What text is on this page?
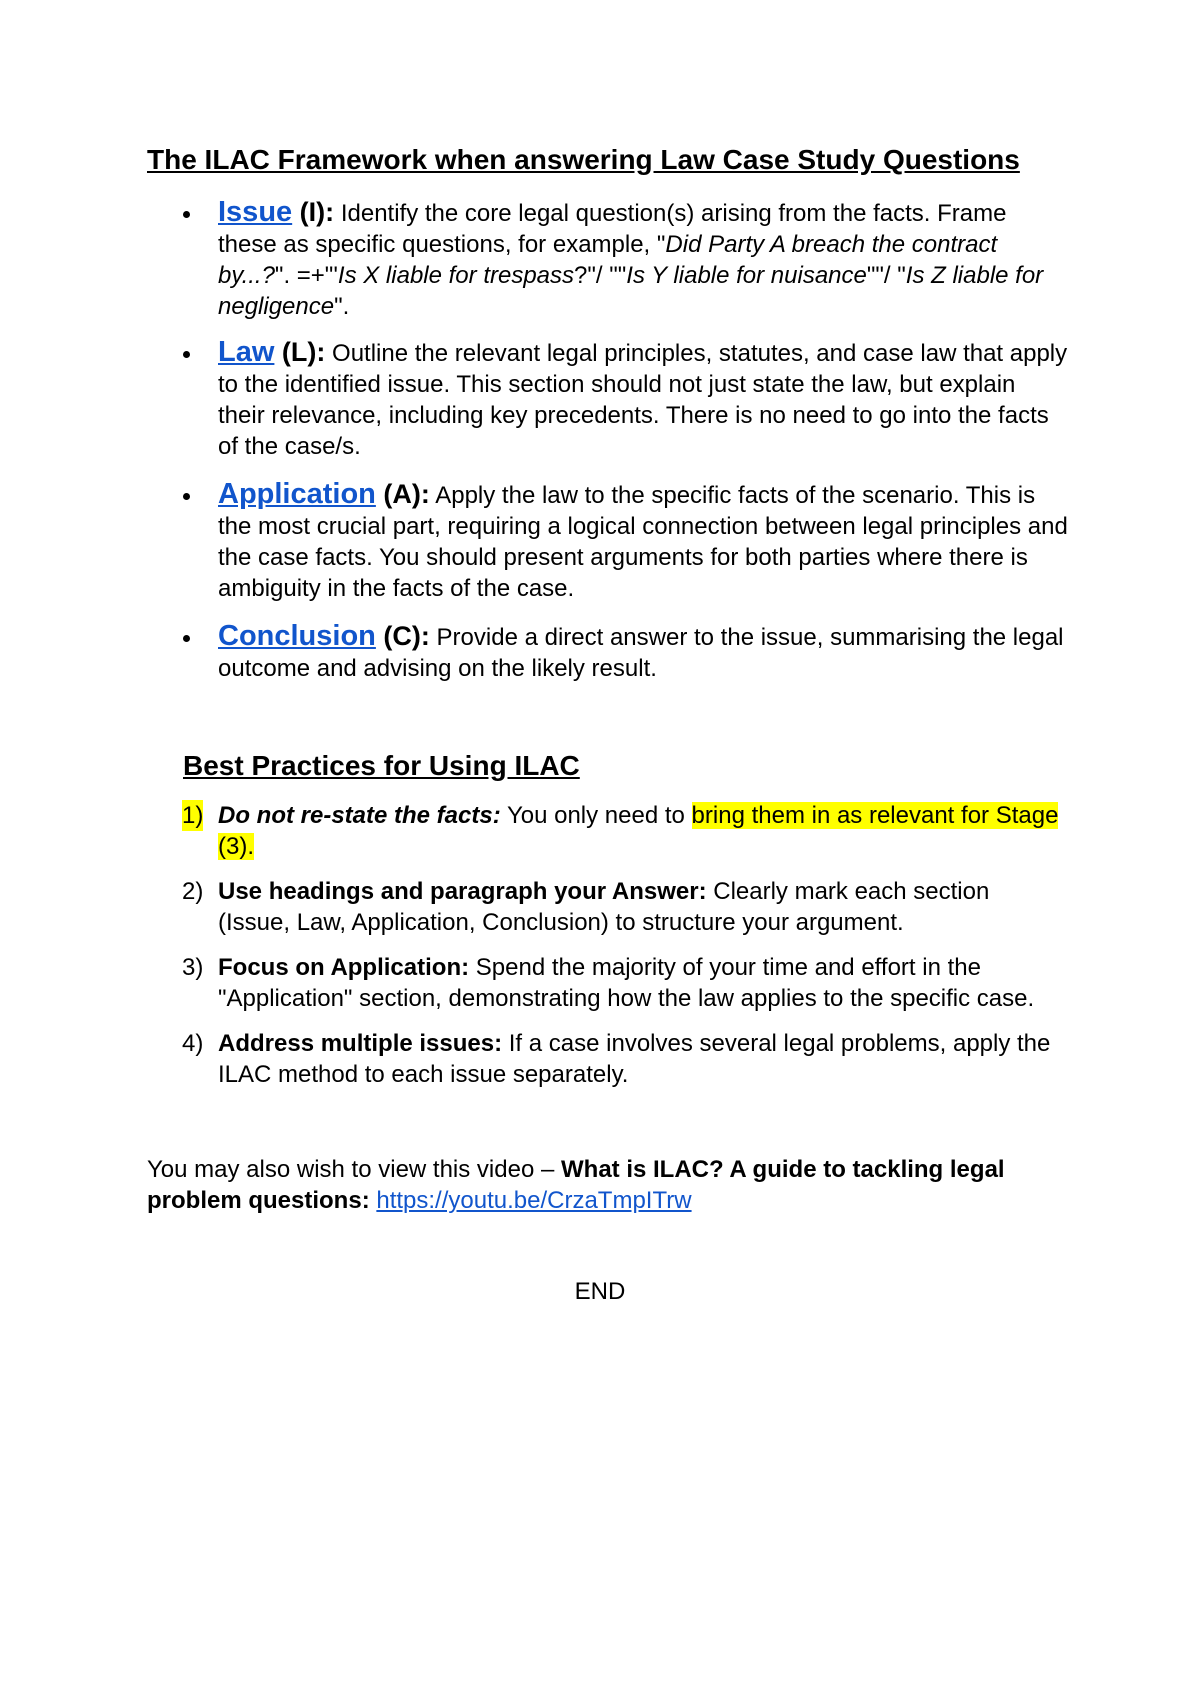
The ILAC Framework when answering Law Case Study Questions
Issue (I): Identify the core legal question(s) arising from the facts. Frame these as specific questions, for example, "Did Party A breach the contract by...?". =+"'Is X liable for trespass?"/ ""Is Y liable for nuisance""/ "Is Z liable for negligence".
Law (L): Outline the relevant legal principles, statutes, and case law that apply to the identified issue. This section should not just state the law, but explain their relevance, including key precedents. There is no need to go into the facts of the case/s.
Application (A): Apply the law to the specific facts of the scenario. This is the most crucial part, requiring a logical connection between legal principles and the case facts. You should present arguments for both parties where there is ambiguity in the facts of the case.
Conclusion (C): Provide a direct answer to the issue, summarising the legal outcome and advising on the likely result.
Best Practices for Using ILAC
1) Do not re-state the facts: You only need to bring them in as relevant for Stage (3).
2) Use headings and paragraph your Answer: Clearly mark each section (Issue, Law, Application, Conclusion) to structure your argument.
3) Focus on Application: Spend the majority of your time and effort in the "Application" section, demonstrating how the law applies to the specific case.
4) Address multiple issues: If a case involves several legal problems, apply the ILAC method to each issue separately.
You may also wish to view this video – What is ILAC? A guide to tackling legal problem questions: https://youtu.be/CrzaTmpITrw
END
